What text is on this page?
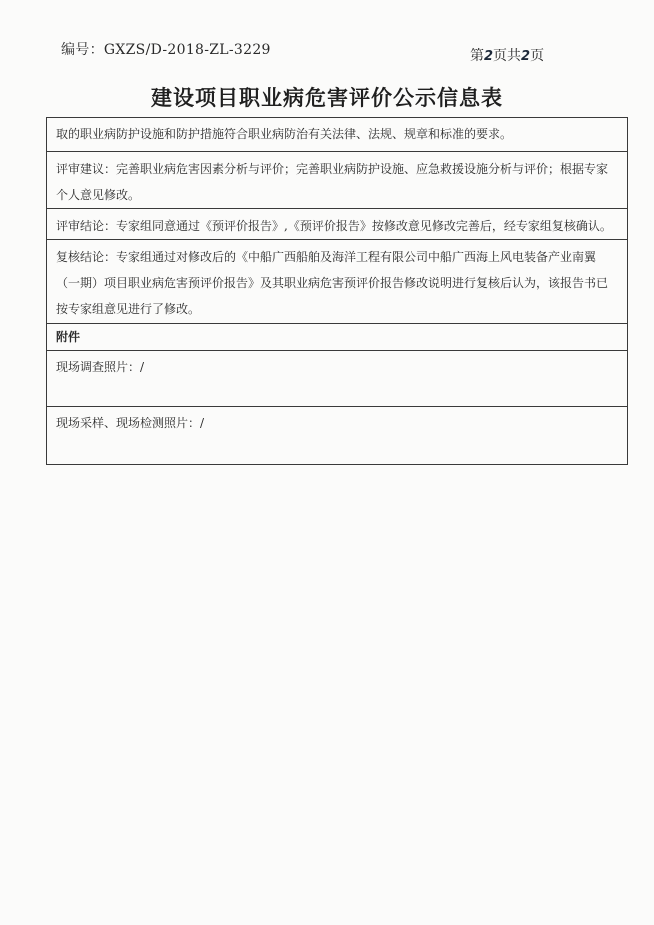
编号：GXZS/D-2018-ZL-3229	第2页共2页
建设项目职业病危害评价公示信息表
取的职业病防护设施和防护措施符合职业病防治有关法律、法规、规章和标准的要求。
评审建议：完善职业病危害因素分析与评价；完善职业病防护设施、应急救援设施分析与评价；根据专家个人意见修改。
评审结论：专家组同意通过《预评价报告》,《预评价报告》按修改意见修改完善后，经专家组复核确认。
复核结论：专家组通过对修改后的《中船广西船舶及海洋工程有限公司中船广西海上风电装备产业南翼（一期）项目职业病危害预评价报告》及其职业病危害预评价报告修改说明进行复核后认为，该报告书已按专家组意见进行了修改。
附件
现场调查照片：/
现场采样、现场检测照片：/
